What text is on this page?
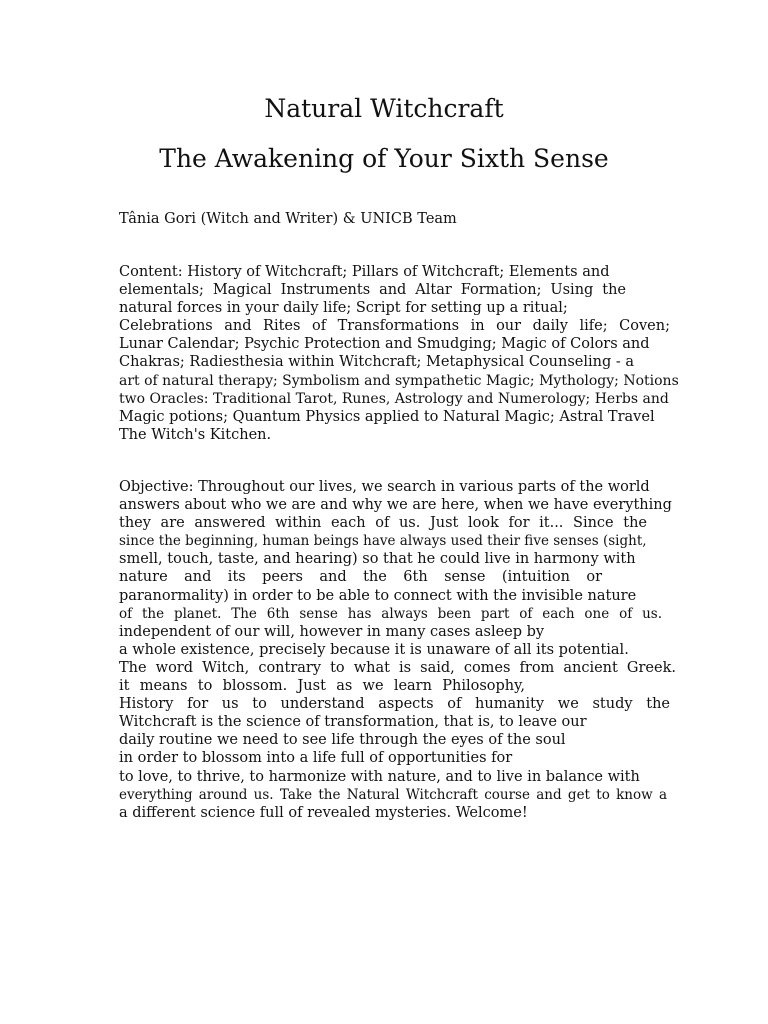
Natural Witchcraft
The Awakening of Your Sixth Sense

Tânia Gori (Witch and Writer) & UNICB Team

Content: History of Witchcraft; Pillars of Witchcraft; Elements and
elementals; Magical Instruments and Altar Formation; Using the
natural forces in your daily life; Script for setting up a ritual;
Celebrations and Rites of Transformations in our daily life; Coven;
Lunar Calendar; Psychic Protection and Smudging; Magic of Colors and
Chakras; Radiesthesia within Witchcraft; Metaphysical Counseling - a
art of natural therapy; Symbolism and sympathetic Magic; Mythology; Notions
two Oracles: Traditional Tarot, Runes, Astrology and Numerology; Herbs and
Magic potions; Quantum Physics applied to Natural Magic; Astral Travel
The Witch's Kitchen.
Objective: Throughout our lives, we search in various parts of the world
answers about who we are and why we are here, when we have everything
they are answered within each of us. Just look for it... Since the
since the beginning, human beings have always used their five senses (sight,
smell, touch, taste, and hearing) so that he could live in harmony with
nature and its peers and the 6th sense (intuition or
paranormality) in order to be able to connect with the invisible nature
of the planet. The 6th sense has always been part of each one of us.
independent of our will, however in many cases asleep by
a whole existence, precisely because it is unaware of all its potential.
The word Witch, contrary to what is said, comes from ancient Greek.
it means to blossom. Just as we learn Philosophy,
History for us to understand aspects of humanity we study the
Witchcraft is the science of transformation, that is, to leave our
daily routine we need to see life through the eyes of the soul
in order to blossom into a life full of opportunities for
to love, to thrive, to harmonize with nature, and to live in balance with
everything around us. Take the Natural Witchcraft course and get to know a
a different science full of revealed mysteries. Welcome!
